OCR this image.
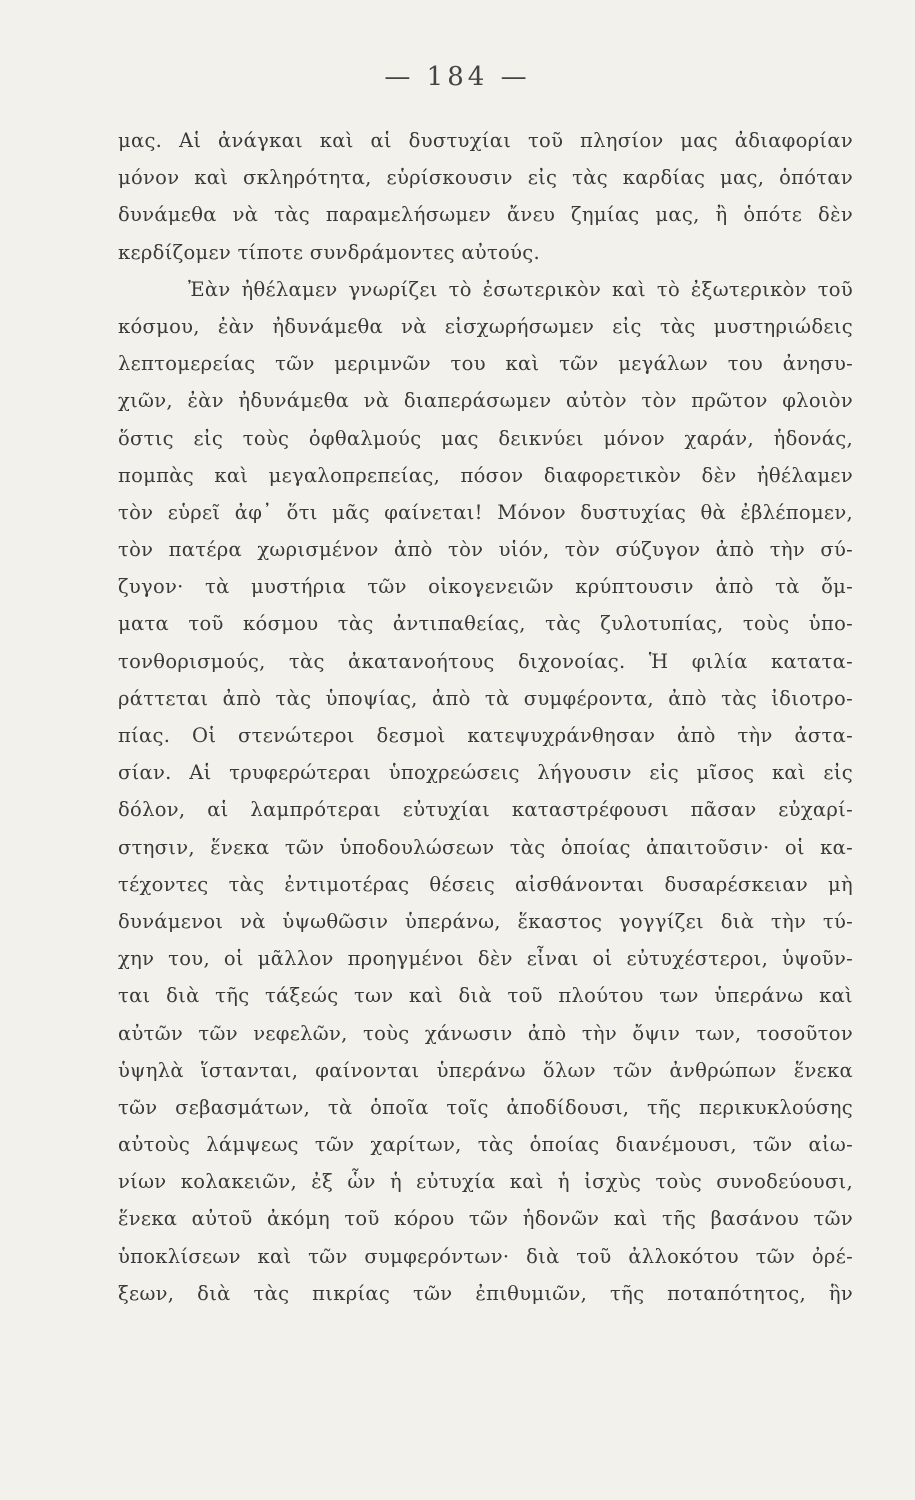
— 184 —
μας. Αἱ ἀνάγκαι καὶ αἱ δυστυχίαι τοῦ πλησίον μας ἀδιαφορίαν
μόνον καὶ σκληρότητα, εὑρίσκουσιν εἰς τὰς καρδίας μας, ὁπόταν
δυνάμεθα νὰ τὰς παραμελήσωμεν ἄνευ ζημίας μας, ἢ ὁπότε δὲν
κερδίζομεν τίποτε συνδράμοντες αὐτούς.
Ἐὰν ἠθέλαμεν γνωρίζει τὸ ἐσωτερικὸν καὶ τὸ ἐξωτερικὸν τοῦ
κόσμου, ἐὰν ἠδυνάμεθα νὰ εἰσχωρήσωμεν εἰς τὰς μυστηριώδεις
λεπτομερείας τῶν μεριμνῶν του καὶ τῶν μεγάλων του ἀνησυ-
χιῶν, ἐὰν ἠδυνάμεθα νὰ διαπεράσωμεν αὐτὸν τὸν πρῶτον φλοιὸν
ὅστις εἰς τοὺς ὀφθαλμούς μας δεικνύει μόνον χαράν, ἡδονάς,
πομπὰς καὶ μεγαλοπρεπείας, πόσον διαφορετικὸν δὲν ἠθέλαμεν
τὸν εὑρεῖ ἀφ᾽ ὅτι μᾶς φαίνεται! Μόνον δυστυχίας θὰ ἐβλέπομεν,
τὸν πατέρα χωρισμένον ἀπὸ τὸν υἱόν, τὸν σύζυγον ἀπὸ τὴν σύ-
ζυγον· τὰ μυστήρια τῶν οἰκογενειῶν κρύπτουσιν ἀπὸ τὰ ὄμ-
ματα τοῦ κόσμου τὰς ἀντιπαθείας, τὰς ζυλοτυπίας, τοὺς ὑπο-
τονθορισμούς, τὰς ἀκατανοήτους διχονοίας. Ἡ φιλία κατατα-
ράττεται ἀπὸ τὰς ὑποψίας, ἀπὸ τὰ συμφέροντα, ἀπὸ τὰς ἰδιοτρο-
πίας. Οἱ στενώτεροι δεσμοὶ κατεψυχράνθησαν ἀπὸ τὴν ἀστα-
σίαν. Αἱ τρυφερώτεραι ὑποχρεώσεις λήγουσιν εἰς μῖσος καὶ εἰς
δόλον, αἱ λαμπρότεραι εὐτυχίαι καταστρέφουσι πᾶσαν εὐχαρί-
στησιν, ἕνεκα τῶν ὑποδουλώσεων τὰς ὁποίας ἀπαιτοῦσιν· οἱ κα-
τέχοντες τὰς ἐντιμοτέρας θέσεις αἰσθάνονται δυσαρέσκειαν μὴ
δυνάμενοι νὰ ὑψωθῶσιν ὑπεράνω, ἕκαστος γογγίζει διὰ τὴν τύ-
χην του, οἱ μᾶλλον προηγμένοι δὲν εἶναι οἱ εὐτυχέστεροι, ὑψοῦν-
ται διὰ τῆς τάξεώς των καὶ διὰ τοῦ πλούτου των ὑπεράνω καὶ
αὐτῶν τῶν νεφελῶν, τοὺς χάνωσιν ἀπὸ τὴν ὄψιν των, τοσοῦτον
ὑψηλὰ ἵστανται, φαίνονται ὑπεράνω ὅλων τῶν ἀνθρώπων ἕνεκα
τῶν σεβασμάτων, τὰ ὁποῖα τοῖς ἀποδίδουσι, τῆς περικυκλούσης
αὐτοὺς λάμψεως τῶν χαρίτων, τὰς ὁποίας διανέμουσι, τῶν αἰω-
νίων κολακειῶν, ἐξ ὧν ἡ εὐτυχία καὶ ἡ ἰσχὺς τοὺς συνοδεύουσι,
ἕνεκα αὐτοῦ ἀκόμη τοῦ κόρου τῶν ἡδονῶν καὶ τῆς βασάνου τῶν
ὑποκλίσεων καὶ τῶν συμφερόντων· διὰ τοῦ ἀλλοκότου τῶν ὀρέ-
ξεων, διὰ τὰς πικρίας τῶν ἐπιθυμιῶν, τῆς ποταπότητος, ἣν
